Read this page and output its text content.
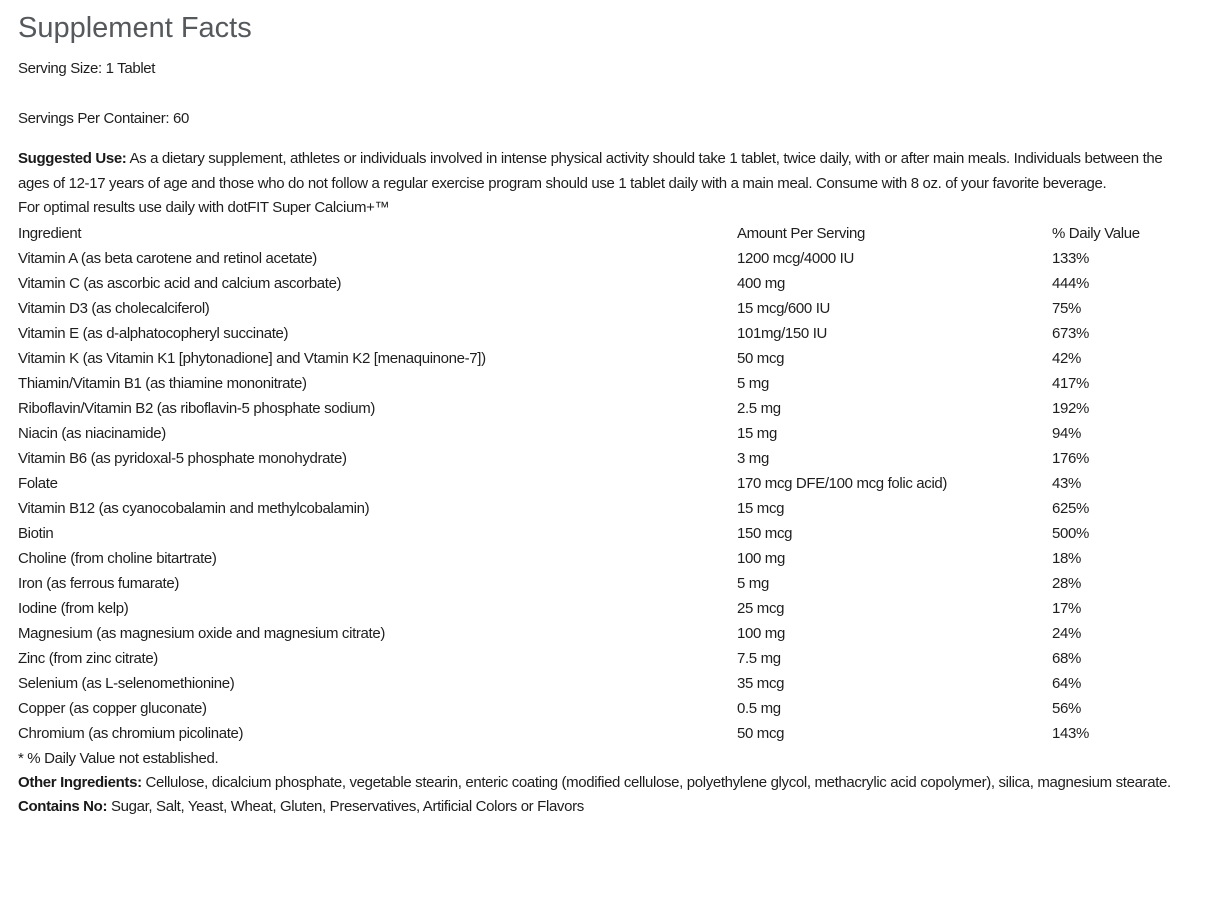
Supplement Facts
Serving Size: 1 Tablet
Servings Per Container: 60

Suggested Use: As a dietary supplement, athletes or individuals involved in intense physical activity should take 1 tablet, twice daily, with or after main meals. Individuals between the ages of 12-17 years of age and those who do not follow a regular exercise program should use 1 tablet daily with a main meal. Consume with 8 oz. of your favorite beverage.

For optimal results use daily with dotFIT Super Calcium+™

Ingredient	Amount Per Serving	% Daily Value
Vitamin A (as beta carotene and retinol acetate)	1200 mcg/4000 IU	133%
Vitamin C (as ascorbic acid and calcium ascorbate)	400 mg	444%
Vitamin D3 (as cholecalciferol)	15 mcg/600 IU	75%
Vitamin E (as d-alphatocopheryl succinate)	101mg/150 IU	673%
Vitamin K (as Vitamin K1 [phytonadione] and Vtamin K2 [menaquinone-7])	50 mcg	42%
Thiamin/Vitamin B1 (as thiamine mononitrate)	5 mg	417%
Riboflavin/Vitamin B2 (as riboflavin-5 phosphate sodium)	2.5 mg	192%
Niacin (as niacinamide)	15 mg	94%
Vitamin B6 (as pyridoxal-5 phosphate monohydrate)	3 mg	176%
Folate	170 mcg DFE/100 mcg folic acid)	43%
Vitamin B12 (as cyanocobalamin and methylcobalamin)	15 mcg	625%
Biotin	150 mcg	500%
Choline (from choline bitartrate)	100 mg	18%
Iron (as ferrous fumarate)	5 mg	28%
Iodine (from kelp)	25 mcg	17%
Magnesium (as magnesium oxide and magnesium citrate)	100 mg	24%
Zinc (from zinc citrate)	7.5 mg	68%
Selenium (as L-selenomethionine)	35 mcg	64%
Copper (as copper gluconate)	0.5 mg	56%
Chromium (as chromium picolinate)	50 mcg	143%
* % Daily Value not established.

Other Ingredients: Cellulose, dicalcium phosphate, vegetable stearin, enteric coating (modified cellulose, polyethylene glycol, methacrylic acid copolymer), silica, magnesium stearate.

Contains No: Sugar, Salt, Yeast, Wheat, Gluten, Preservatives, Artificial Colors or Flavors
